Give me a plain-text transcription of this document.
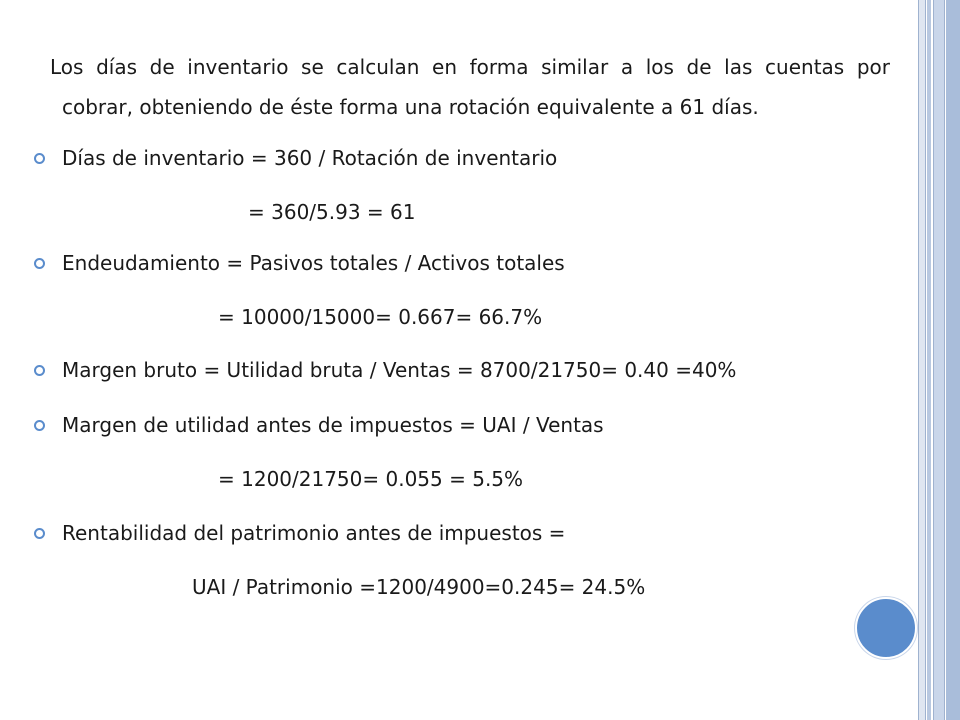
Los días de inventario se calculan en forma similar a los de las cuentas por
cobrar, obteniendo de éste forma una rotación equivalente a 61 días.
Días de inventario = 360 / Rotación de inventario
= 360/5.93 = 61
Endeudamiento = Pasivos totales / Activos totales
= 10000/15000= 0.667= 66.7%
Margen bruto = Utilidad bruta / Ventas = 8700/21750= 0.40 =40%
Margen de utilidad antes de impuestos = UAI / Ventas
= 1200/21750= 0.055 = 5.5%
Rentabilidad del patrimonio antes de impuestos =
UAI / Patrimonio =1200/4900=0.245= 24.5%
